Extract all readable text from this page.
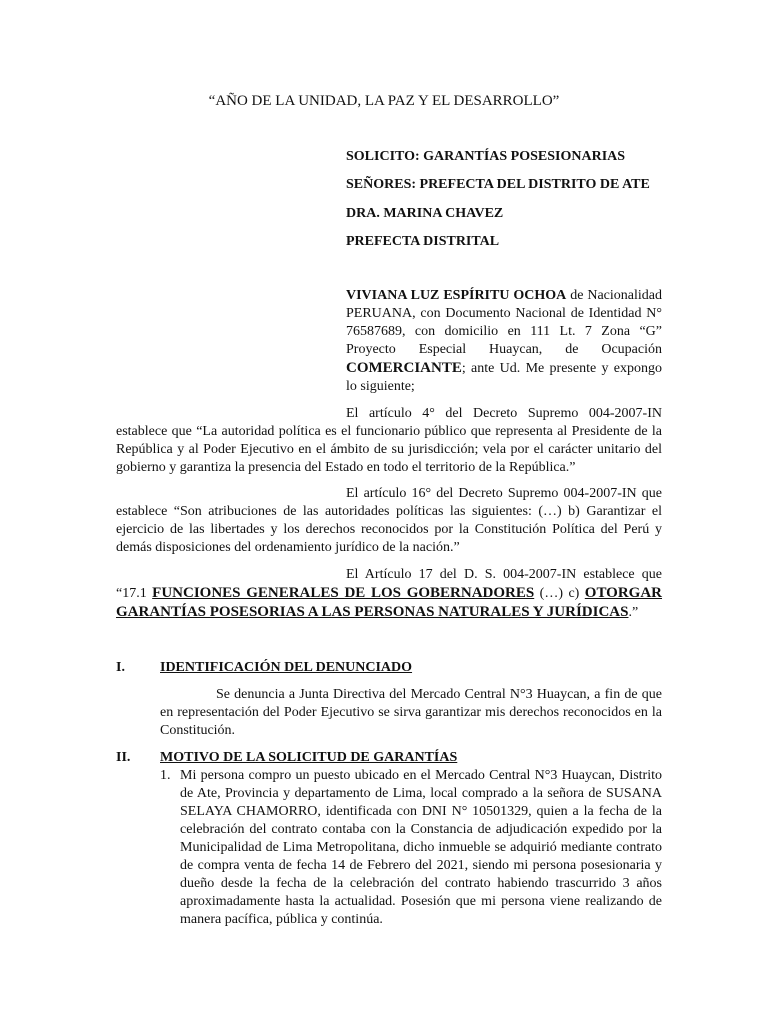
“AÑO DE LA UNIDAD, LA PAZ Y EL DESARROLLO”
SOLICITO: GARANTÍAS POSESIONARIAS
SEÑORES: PREFECTA DEL DISTRITO DE ATE
DRA. MARINA CHAVEZ
PREFECTA DISTRITAL
VIVIANA LUZ ESPÍRITU OCHOA de Nacionalidad PERUANA, con Documento Nacional de Identidad N° 76587689, con domicilio en 111 Lt. 7 Zona “G” Proyecto Especial Huaycan, de Ocupación COMERCIANTE; ante Ud. Me presente y expongo lo siguiente;
El artículo 4° del Decreto Supremo 004-2007-IN establece que “La autoridad política es el funcionario público que representa al Presidente de la República y al Poder Ejecutivo en el ámbito de su jurisdicción; vela por el carácter unitario del gobierno y garantiza la presencia del Estado en todo el territorio de la República.”
El artículo 16° del Decreto Supremo 004-2007-IN que establece “Son atribuciones de las autoridades políticas las siguientes: (…) b) Garantizar el ejercicio de las libertades y los derechos reconocidos por la Constitución Política del Perú y demás disposiciones del ordenamiento jurídico de la nación.”
El Artículo 17 del D. S. 004-2007-IN establece que “17.1 FUNCIONES GENERALES DE LOS GOBERNADORES (…) c) OTORGAR GARANTÍAS POSESORIAS A LAS PERSONAS NATURALES Y JURÍDICAS.”
I.	IDENTIFICACIÓN DEL DENUNCIADO
Se denuncia a Junta Directiva del Mercado Central N°3 Huaycan, a fin de que en representación del Poder Ejecutivo se sirva garantizar mis derechos reconocidos en la Constitución.
II. MOTIVO DE LA SOLICITUD DE GARANTÍAS
1. Mi persona compro un puesto ubicado en el Mercado Central N°3 Huaycan, Distrito de Ate, Provincia y departamento de Lima, local comprado a la señora de SUSANA SELAYA CHAMORRO, identificada con DNI N° 10501329, quien a la fecha de la celebración del contrato contaba con la Constancia de adjudicación expedido por la Municipalidad de Lima Metropolitana, dicho inmueble se adquirió mediante contrato de compra venta de fecha 14 de Febrero del 2021, siendo mi persona posesionaria y dueño desde la fecha de la celebración del contrato habiendo trascurrido 3 años aproximadamente hasta la actualidad. Posesión que mi persona viene realizando de manera pacífica, pública y continúa.
